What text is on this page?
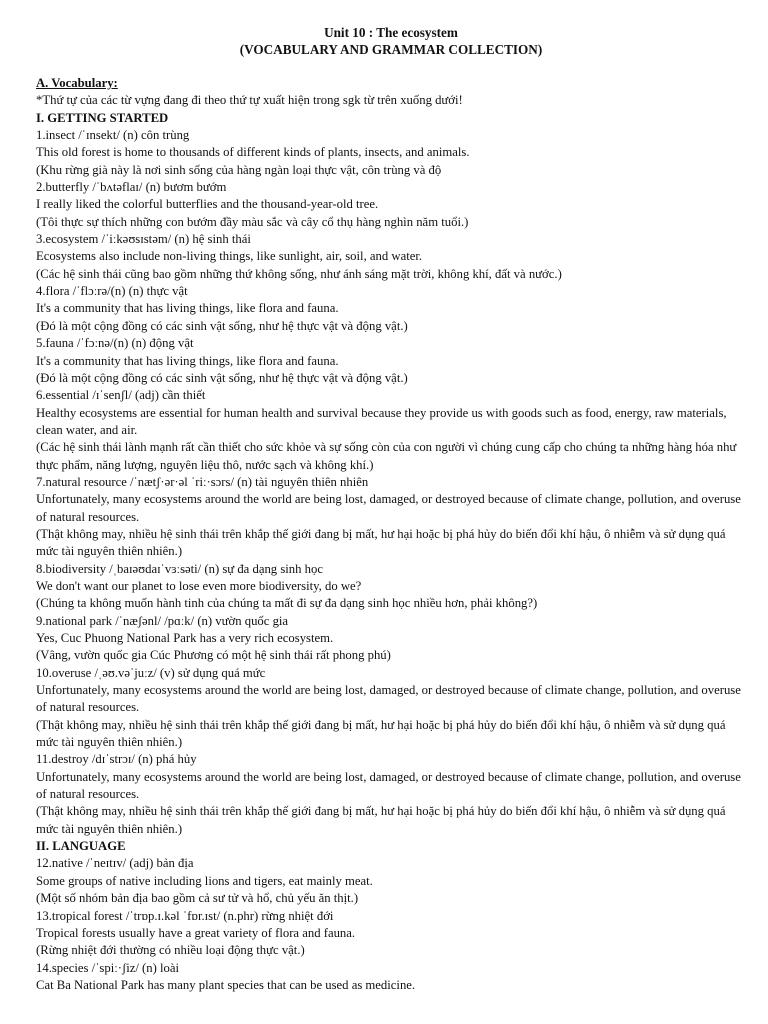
Unit 10 : The ecosystem
(VOCABULARY AND GRAMMAR COLLECTION)
A. Vocabulary:
*Thứ tự của các từ vựng đang đi theo thứ tự xuất hiện trong sgk từ trên xuống dưới!
I. GETTING STARTED
1.insect /ˈɪnsekt/ (n) côn trùng
This old forest is home to thousands of different kinds of plants, insects, and animals.
(Khu rừng già này là nơi sinh sống của hàng ngàn loại thực vật, côn trùng và độ
2.butterfly /ˈbʌtəflaɪ/ (n) bươm bướm
I really liked the colorful butterflies and the thousand-year-old tree.
(Tôi thực sự thích những con bướm đầy màu sắc và cây cổ thụ hàng nghìn năm tuổi.)
3.ecosystem /ˈiːkəʊsɪstəm/ (n) hệ sinh thái
Ecosystems also include non-living things, like sunlight, air, soil, and water.
(Các hệ sinh thái cũng bao gồm những thứ không sống, như ánh sáng mặt trời, không khí, đất và nước.)
4.flora /ˈflɔːrə/(n) (n) thực vật
It's a community that has living things, like flora and fauna.
(Đó là một cộng đồng có các sinh vật sống, như hệ thực vật và động vật.)
5.fauna /ˈfɔːnə/(n) (n) động vật
It's a community that has living things, like flora and fauna.
(Đó là một cộng đồng có các sinh vật sống, như hệ thực vật và động vật.)
6.essential /ɪˈsenʃl/ (adj) cần thiết
Healthy ecosystems are essential for human health and survival because they provide us with goods such as food, energy, raw materials, clean water, and air.
(Các hệ sinh thái lành mạnh rất cần thiết cho sức khỏe và sự sống còn của con người vì chúng cung cấp cho chúng ta những hàng hóa như thực phẩm, năng lượng, nguyên liệu thô, nước sạch và không khí.)
7.natural resource /ˈnætʃ·ər·əl ˈriː·sɔrs/ (n) tài nguyên thiên nhiên
Unfortunately, many ecosystems around the world are being lost, damaged, or destroyed because of climate change, pollution, and overuse of natural resources.
(Thật không may, nhiều hệ sinh thái trên khắp thế giới đang bị mất, hư hại hoặc bị phá hủy do biến đổi khí hậu, ô nhiễm và sử dụng quá mức tài nguyên thiên nhiên.)
8.biodiversity /ˌbaɪəʊdaɪˈvɜːsəti/ (n) sự đa dạng sinh học
We don't want our planet to lose even more biodiversity, do we?
(Chúng ta không muốn hành tinh của chúng ta mất đi sự đa dạng sinh học nhiều hơn, phải không?)
9.national park /ˈnæʃənl/ /pɑːk/ (n) vườn quốc gia
Yes, Cuc Phuong National Park has a very rich ecosystem.
(Vâng, vườn quốc gia Cúc Phương có một hệ sinh thái rất phong phú)
10.overuse /ˌəʊ.vəˈjuːz/ (v) sử dụng quá mức
Unfortunately, many ecosystems around the world are being lost, damaged, or destroyed because of climate change, pollution, and overuse of natural resources.
(Thật không may, nhiều hệ sinh thái trên khắp thế giới đang bị mất, hư hại hoặc bị phá hủy do biến đổi khí hậu, ô nhiễm và sử dụng quá mức tài nguyên thiên nhiên.)
11.destroy /dɪˈstrɔɪ/ (n) phá hủy
Unfortunately, many ecosystems around the world are being lost, damaged, or destroyed because of climate change, pollution, and overuse of natural resources.
(Thật không may, nhiều hệ sinh thái trên khắp thế giới đang bị mất, hư hại hoặc bị phá hủy do biến đổi khí hậu, ô nhiễm và sử dụng quá mức tài nguyên thiên nhiên.)
II. LANGUAGE
12.native /ˈneɪtɪv/ (adj) bản địa
Some groups of native including lions and tigers, eat mainly meat.
(Một số nhóm bản địa bao gồm cả sư tử và hổ, chủ yếu ăn thịt.)
13.tropical forest /ˈtrɒp.ɪ.kəl ˈfɒr.ɪst/ (n.phr) rừng nhiệt đới
Tropical forests usually have a great variety of flora and fauna.
(Rừng nhiệt đới thường có nhiều loại động thực vật.)
14.species /ˈspiː·ʃiz/ (n) loài
Cat Ba National Park has many plant species that can be used as medicine.
